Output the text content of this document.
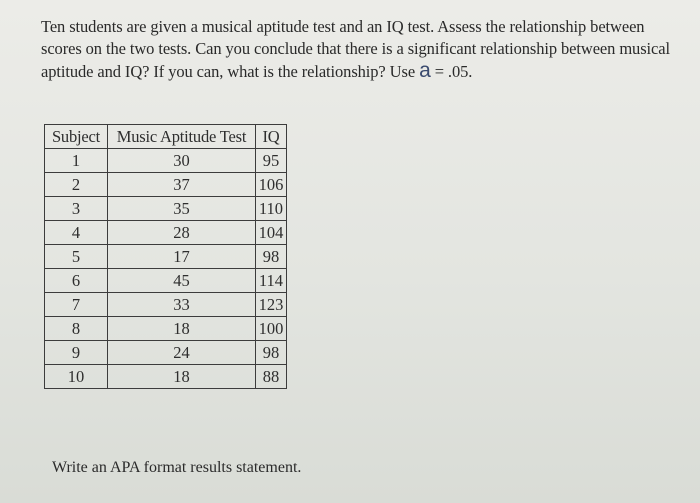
Ten students are given a musical aptitude test and an IQ test. Assess the relationship between scores on the two tests. Can you conclude that there is a significant relationship between musical aptitude and IQ? If you can, what is the relationship? Use a = .05.
Subject	Music Aptitude Test	IQ
1	30	95
2	37	106
3	35	110
4	28	104
5	17	98
6	45	114
7	33	123
8	18	100
9	24	98
10	18	88
Write an APA format results statement.
